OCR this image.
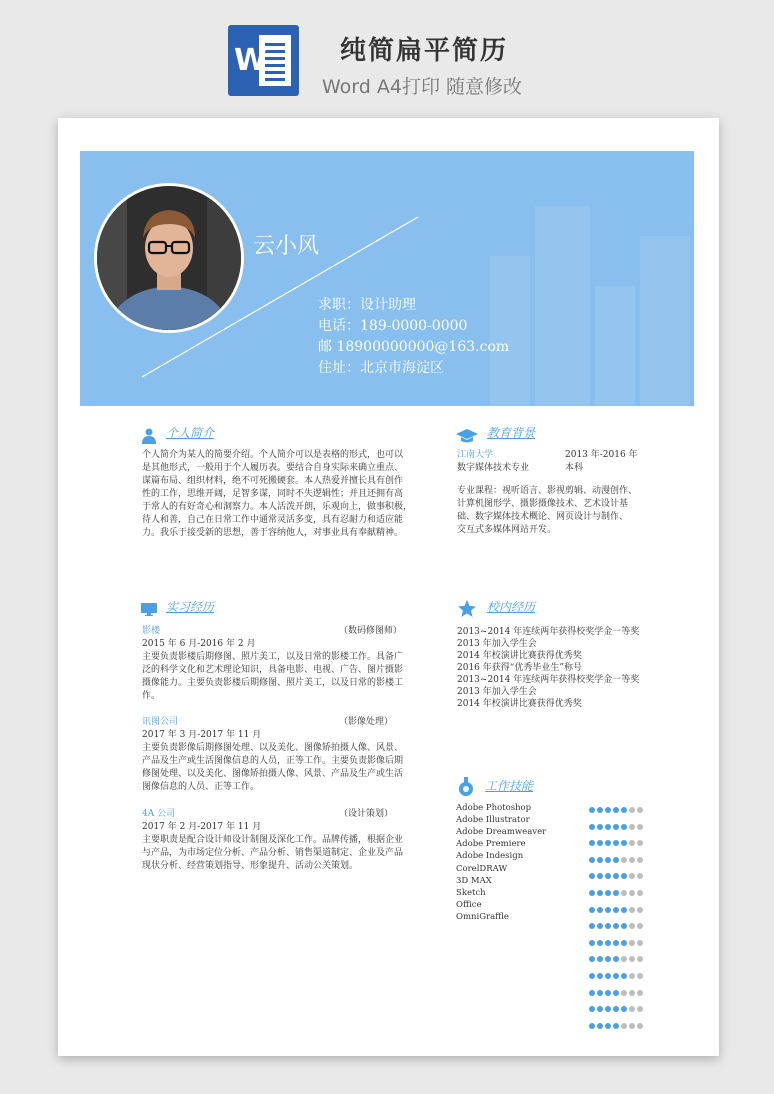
W	纯简扁平简历
Word A4打印 随意修改
云小风
求职：设计助理
电话：189-0000-0000
邮 18900000000@163.com
住址：北京市海淀区
个人简介
个人简介为某人的简要介绍。个人简介可以是表格的形式，也可以
是其他形式，一般用于个人履历表。要结合自身实际来确立重点、
谋篇布局、组织材料，绝不可死搬硬套。本人热爱并擅长具有创作
性的工作，思维开阔，足智多谋，同时不失逻辑性；并且还拥有高
于常人的有好奇心和洞察力。本人活泼开朗，乐观向上，做事积极，
待人和善，自己在日常工作中通常灵活多变，具有忍耐力和适应能
力。我乐于接受新的思想，善于容纳他人，对事业具有奉献精神。
教育背景
江南大学	2013 年-2016 年
数字媒体技术专业	本科
专业课程：视听语言、影视剪辑、动漫创作、
计算机图形学、摄影摄像技术、艺术设计基
础、数字媒体技术概论、网页设计与制作、
交互式多媒体网站开发。
实习经历
影楼	（数码修图师）
2015 年 6 月-2016 年 2 月
主要负责影楼后期修图、照片美工，以及日常的影楼工作。具备广
泛的科学文化和艺术理论知识，具备电影、电视、广告、图片摄影
摄像能力。主要负责影楼后期修图、照片美工，以及日常的影楼工
作。
讯图公司	（影像处理）
2017 年 3 月-2017 年 11 月
主要负责影像后期修图处理、以及美化、图像矫拍摄人像、风景、
产品及生产或生活图像信息的人员，正等工作。主要负责影像后期
修图处理、以及美化、图像矫拍摄人像、风景、产品及生产或生活
图像信息的人员、正等工作。
4A 公司	（设计策划）
2017 年 2 月-2017 年 11 月
主要职责是配合设计师设计制图及深化工作。品牌传播，根据企业
与产品，为市场定位分析、产品分析、销售渠道制定、企业及产品
现状分析、经营策划指导、形象提升、活动公关策划。
校内经历
2013~2014 年连续两年获得校奖学金一等奖
2013 年加入学生会
2014 年校演讲比赛获得优秀奖
2016 年获得“优秀毕业生”称号
2013~2014 年连续两年获得校奖学金一等奖
2013 年加入学生会
2014 年校演讲比赛获得优秀奖
工作技能
Adobe Photoshop
Adobe Illustrator
Adobe Dreamweaver
Adobe Premiere
Adobe Indesign
CorelDRAW
3D MAX
Sketch
Office
OmniGraffle
